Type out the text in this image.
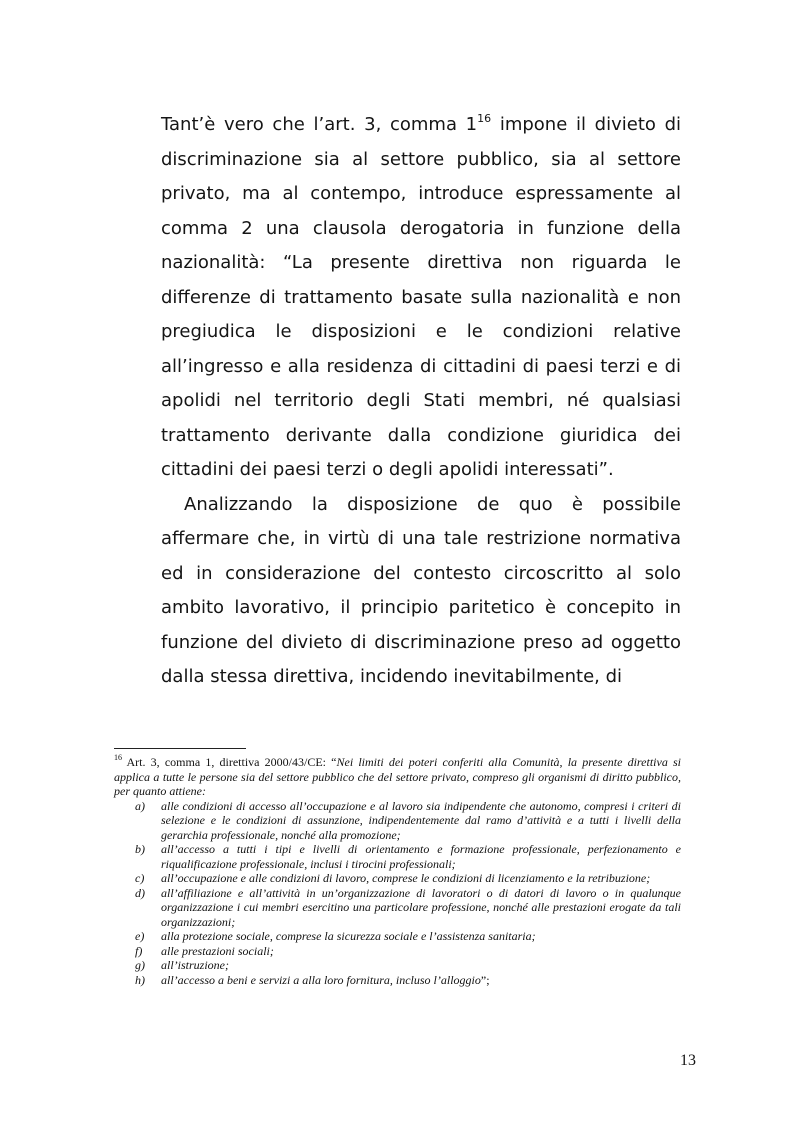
Tant’è vero che l’art. 3, comma $1^{16}$ impone il divieto di discriminazione sia al settore pubblico, sia al settore privato, ma al contempo, introduce espressamente al comma 2 una clausola derogatoria in funzione della nazionalità: “La presente direttiva non riguarda le differenze di trattamento basate sulla nazionalità e non pregiudica le disposizioni e le condizioni relative all’ingresso e alla residenza di cittadini di paesi terzi e di apolidi nel territorio degli Stati membri, né qualsiasi trattamento derivante dalla condizione giuridica dei cittadini dei paesi terzi o degli apolidi interessati”.

Analizzando la disposizione de quo è possibile affermare che, in virtù di una tale restrizione normativa ed in considerazione del contesto circoscritto al solo ambito lavorativo, il principio paritetico è concepito in funzione del divieto di discriminazione preso ad oggetto dalla stessa direttiva, incidendo inevitabilmente, di

$^{16}$ Art. 3, comma 1, direttiva 2000/43/CE: “Nei limiti dei poteri conferiti alla Comunità, la presente direttiva si applica a tutte le persone sia del settore pubblico che del settore privato, compreso gli organismi di diritto pubblico, per quanto attiene:

a)	alle condizioni di accesso all’occupazione e al lavoro sia indipendente che autonomo, compresi i criteri di selezione e le condizioni di assunzione, indipendentemente dal ramo d’attività e a tutti i livelli della gerarchia professionale, nonché alla promozione;
b)	all’accesso a tutti i tipi e livelli di orientamento e formazione professionale, perfezionamento e riqualificazione professionale, inclusi i tirocini professionali;
c)	all’occupazione e alle condizioni di lavoro, comprese le condizioni di licenziamento e la retribuzione;
d)	all’affiliazione e all’attività in un’organizzazione di lavoratori o di datori di lavoro o in qualunque organizzazione i cui membri esercitino una particolare professione, nonché alle prestazioni erogate da tali organizzazioni;
e)	alla protezione sociale, comprese la sicurezza sociale e l’assistenza sanitaria;
f)	alle prestazioni sociali;
g)	all’istruzione;
h)	all’accesso a beni e servizi a alla loro fornitura, incluso l’alloggio”;
13
